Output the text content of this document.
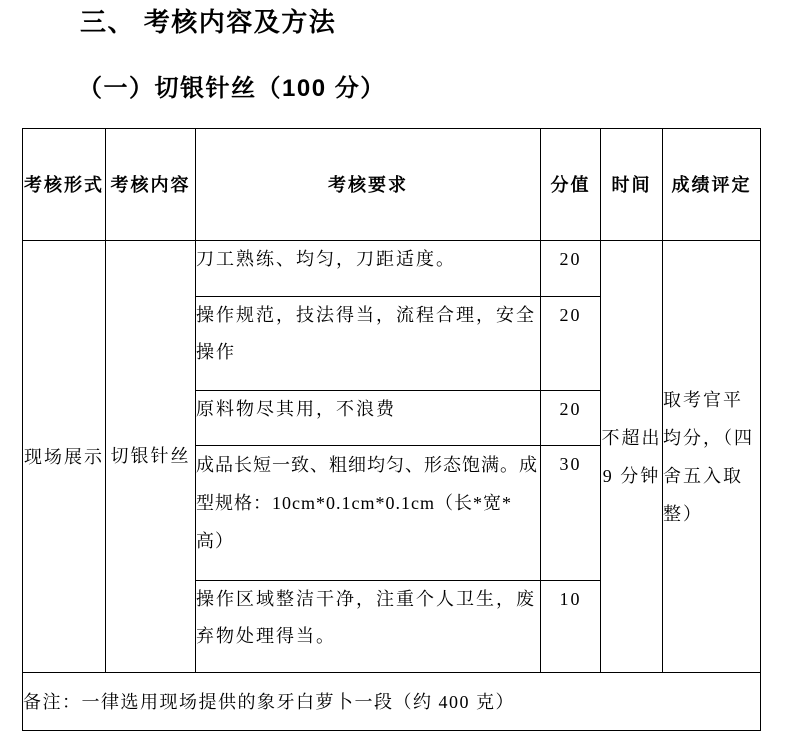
三、 考核内容及方法
（一）切银针丝（100 分）
考核形式	考核内容	考核要求	分值	时间	成绩评定
现场展示	切银针丝	刀工熟练、均匀，刀距适度。	20	不超出 9 分钟	取考官平均分，（四舍五入取整）
		操作规范，技法得当，流程合理，安全操作	20		
		原料物尽其用，不浪费	20		
		成品长短一致、粗细均匀、形态饱满。成型规格：10cm*0.1cm*0.1cm（长*宽*高）	30		
		操作区域整洁干净，注重个人卫生，废弃物处理得当。	10		
备注：一律选用现场提供的象牙白萝卜一段（约 400 克）					
